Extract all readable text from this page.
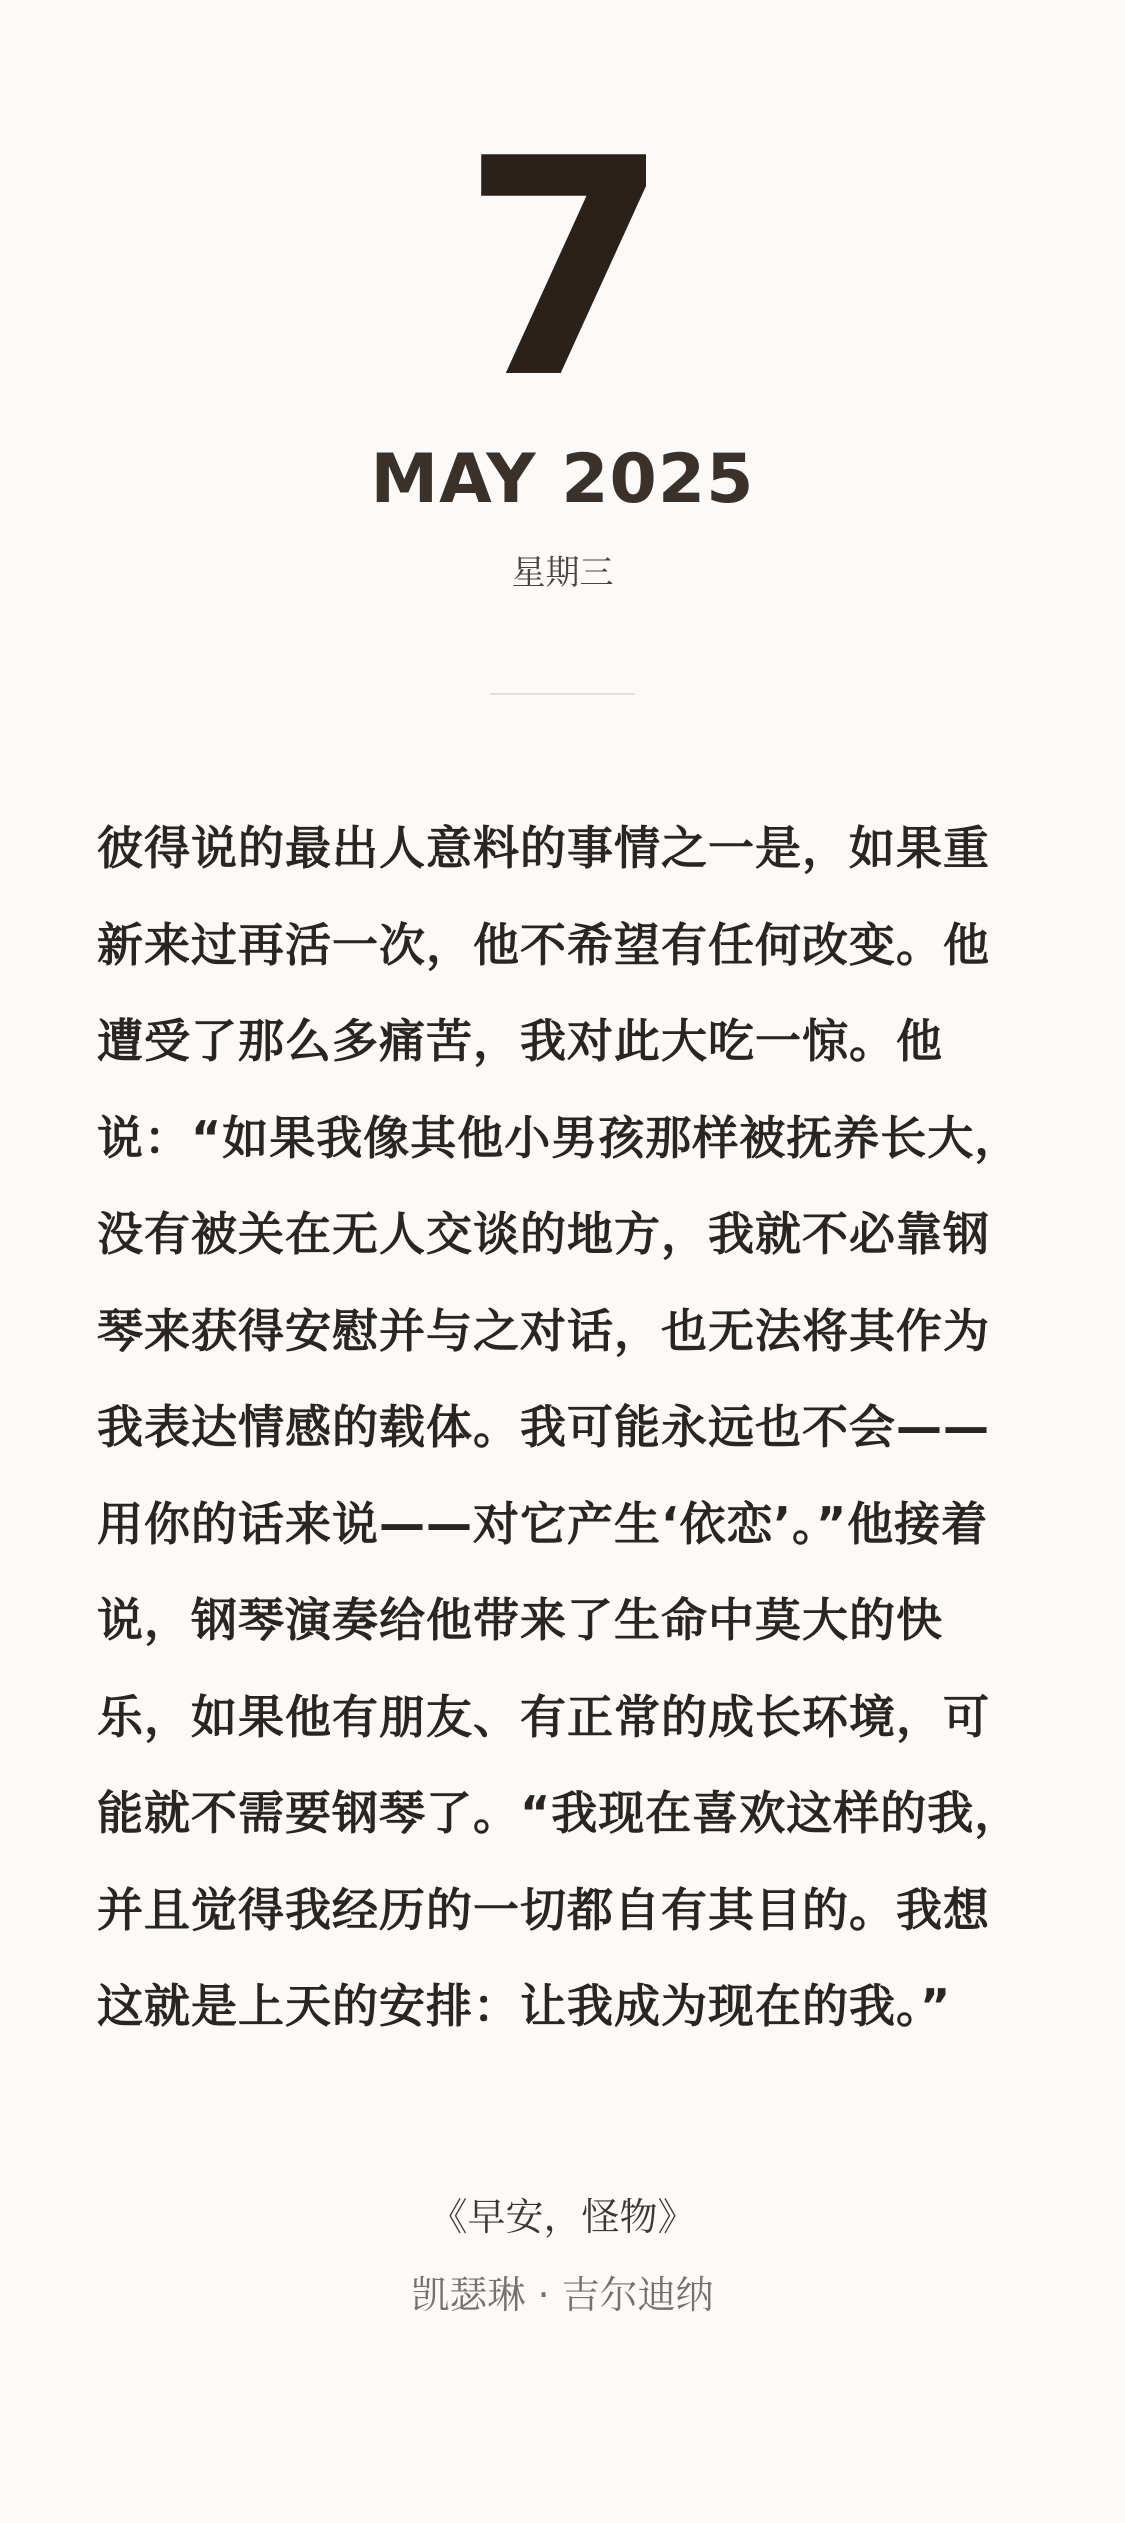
7
MAY 2025
星期三

彼得说的最出人意料的事情之一是，如果重新来过再活一次，他不希望有任何改变。他遭受了那么多痛苦，我对此大吃一惊。他说：“如果我像其他小男孩那样被抚养长大，没有被关在无人交谈的地方，我就不必靠钢琴来获得安慰并与之对话，也无法将其作为我表达情感的载体。我可能永远也不会——用你的话来说——对它产生‘依恋’。”他接着说，钢琴演奏给他带来了生命中莫大的快乐，如果他有朋友、有正常的成长环境，可能就不需要钢琴了。“我现在喜欢这样的我，并且觉得我经历的一切都自有其目的。我想这就是上天的安排：让我成为现在的我。”

《早安，怪物》
凯瑟琳 · 吉尔迪纳
